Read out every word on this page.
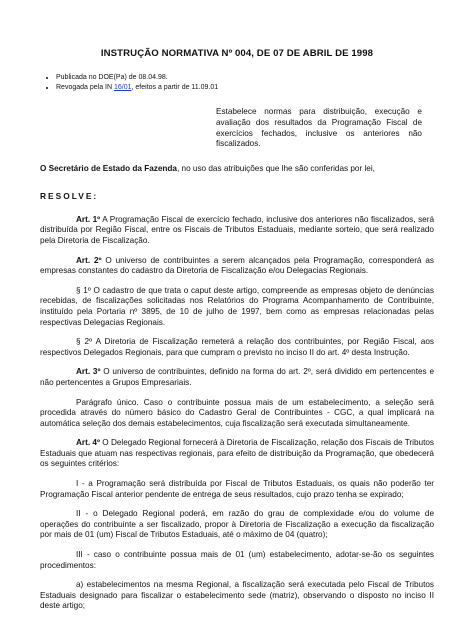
INSTRUÇÃO NORMATIVA Nº 004, DE 07 DE ABRIL DE 1998
• Publicada no DOE(Pa) de 08.04.98.
• Revogada pela IN 16/01, efeitos a partir de 11.09.01
Estabelece normas para distribuição, execução e avaliação dos resultados da Programação Fiscal de exercícios fechados, inclusive os anteriores não fiscalizados.

O Secretário de Estado da Fazenda, no uso das atribuições que lhe são conferidas por lei,

RESOLVE:

Art. 1º A Programação Fiscal de exercício fechado, inclusive dos anteriores não fiscalizados, será distribuída por Região Fiscal, entre os Fiscais de Tributos Estaduais, mediante sorteio, que será realizado pela Diretoria de Fiscalização.

Art. 2º O universo de contribuintes a serem alcançados pela Programação, corresponderá as empresas constantes do cadastro da Diretoria de Fiscalização e/ou Delegacias Regionais.

§ 1º O cadastro de que trata o caput deste artigo, compreende as empresas objeto de denúncias recebidas, de fiscalizações solicitadas nos Relatórios do Programa Acompanhamento de Contribuinte, instituído pela Portaria nº 3895, de 10 de julho de 1997, bem como as empresas relacionadas pelas respectivas Delegacias Regionais.

§ 2º A Diretoria de Fiscalização remeterá a relação dos contribuintes, por Região Fiscal, aos respectivos Delegados Regionais, para que cumpram o previsto no inciso II do art. 4º desta Instrução.

Art. 3º O universo de contribuintes, definido na forma do art. 2º, será dividido em pertencentes e não pertencentes a Grupos Empresariais.

Parágrafo único. Caso o contribuinte possua mais de um estabelecimento, a seleção será procedida através do número básico do Cadastro Geral de Contribuintes - CGC, a qual implicará na automática seleção dos demais estabelecimentos, cuja fiscalização será executada simultaneamente.

Art. 4º O Delegado Regional fornecerá à Diretoria de Fiscalização, relação dos Fiscais de Tributos Estaduais que atuam nas respectivas regionais, para efeito de distribuição da Programação, que obedecerá os seguintes critérios:

I - a Programação será distribuída por Fiscal de Tributos Estaduais, os quais não poderão ter Programação Fiscal anterior pendente de entrega de seus resultados, cujo prazo tenha se expirado;

II - o Delegado Regional poderá, em razão do grau de complexidade e/ou do volume de operações do contribuinte a ser fiscalizado, propor à Diretoria de Fiscalização a execução da fiscalização por mais de 01 (um) Fiscal de Tributos Estaduais, até o máximo de 04 (quatro);

III - caso o contribuinte possua mais de 01 (um) estabelecimento, adotar-se-ão os seguintes procedimentos:

a) estabelecimentos na mesma Regional, a fiscalização será executada pelo Fiscal de Tributos Estaduais designado para fiscalizar o estabelecimento sede (matriz), observando o disposto no inciso II deste artigo;
